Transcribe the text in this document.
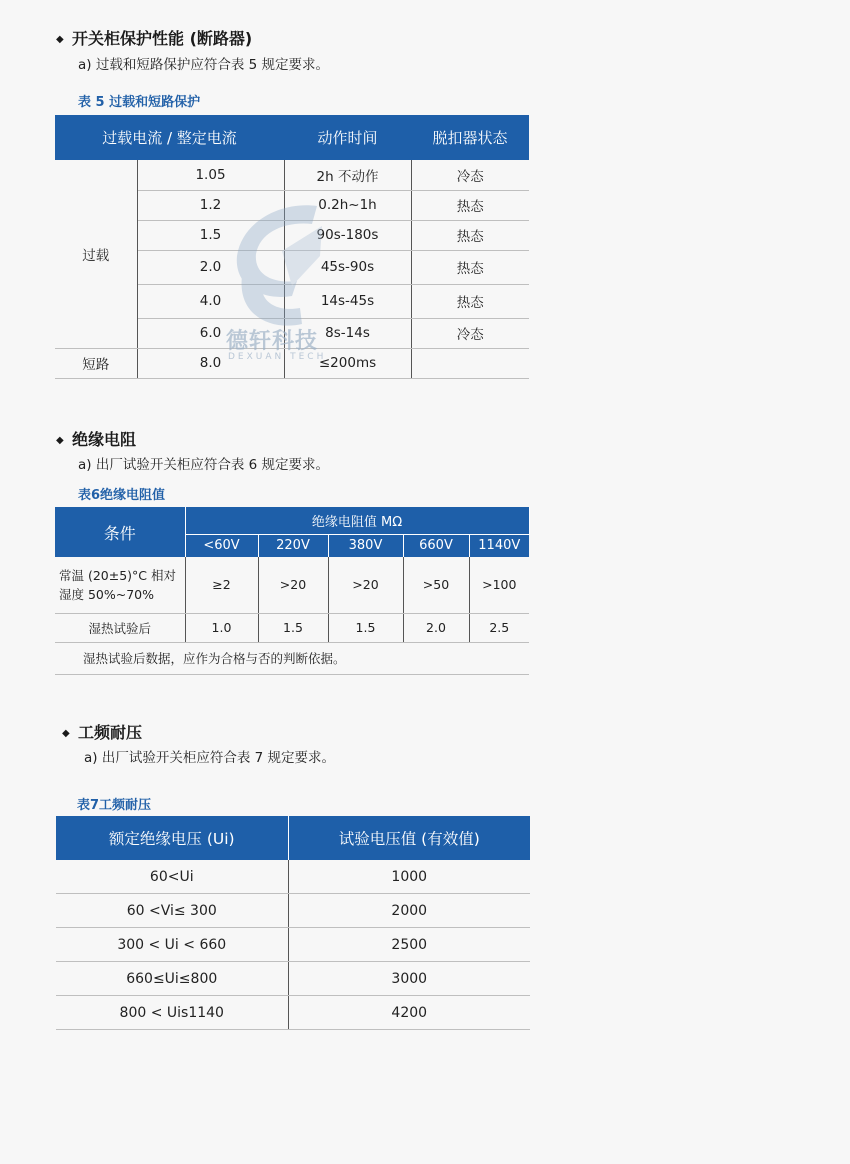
◆ 开关柜保护性能 (断路器)
a) 过载和短路保护应符合表 5 规定要求。
表 5 过载和短路保护
过载电流 / 整定电流		动作时间	脱扣器状态
过载	1.05	2h 不动作	冷态
	1.2	0.2h~1h	热态
	1.5	90s-180s	热态
	2.0	45s-90s	热态
	4.0	14s-45s	热态
	6.0	8s-14s	冷态
短路	8.0	≤200ms	
德轩科技
DEXUAN TECH
◆ 绝缘电阻
a) 出厂试验开关柜应符合表 6 规定要求。
表6绝缘电阻值
条件	绝缘电阻值 MΩ				
	<60V	220V	380V	660V	1140V

常温 (20±5)°C 相对
湿度 50%~70%	≥2	>20	>20	>50	>100
湿热试验后	1.0	1.5	1.5	2.0	2.5
湿热试验后数据，应作为合格与否的判断依据。					
◆ 工频耐压
a) 出厂试验开关柜应符合表 7 规定要求。
表7工频耐压
额定绝缘电压 (Ui)	试验电压值 (有效值)
60<Ui	1000
60 <Vi≤ 300	2000
300 < Ui < 660	2500
660≤Ui≤800	3000
800 < Uis1140	4200
